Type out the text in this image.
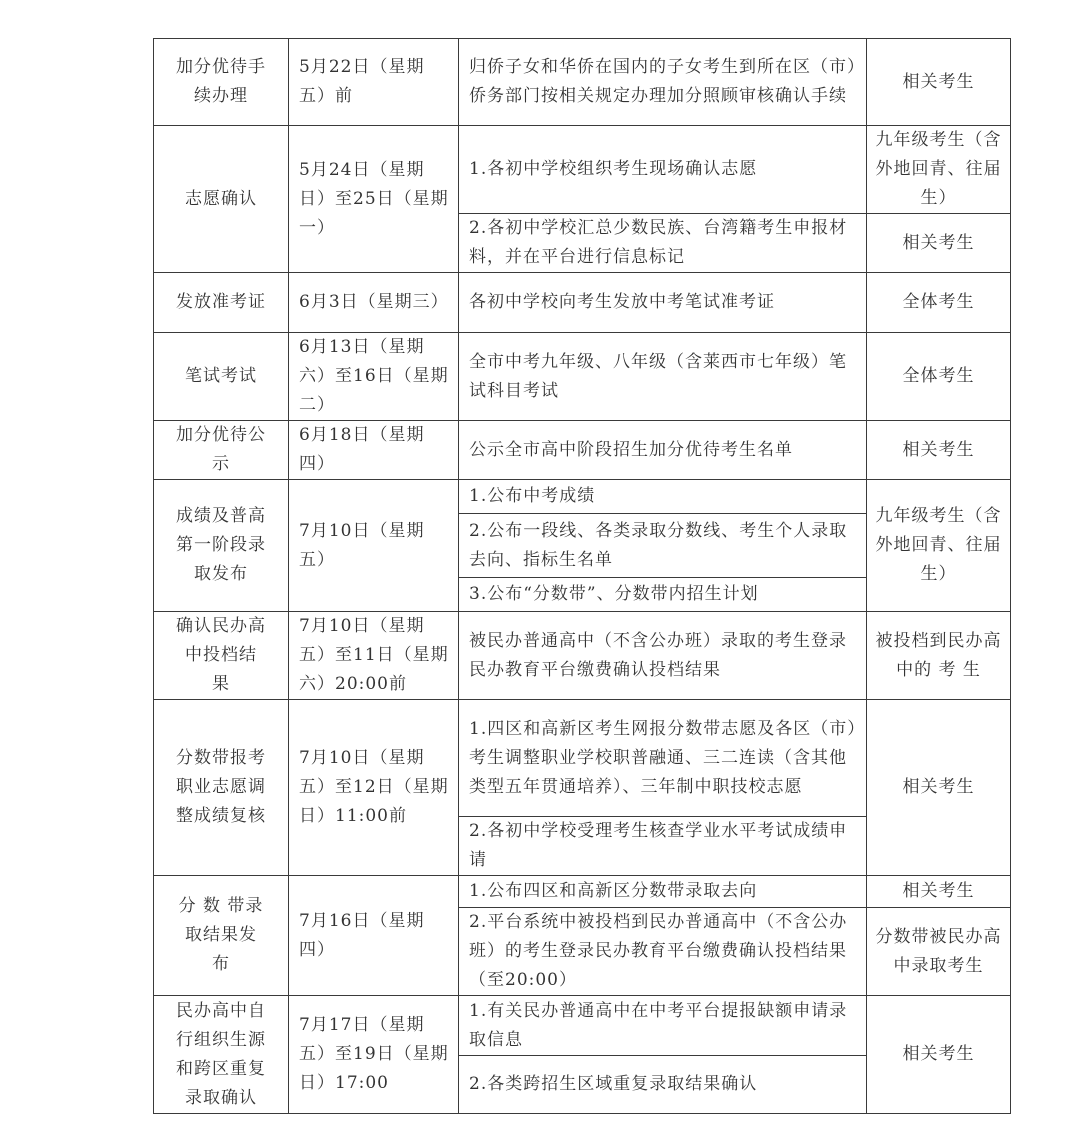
加分优待手续办理	5月22日（星期五）前	归侨子女和华侨在国内的子女考生到所在区（市）侨务部门按相关规定办理加分照顾审核确认手续	相关考生
志愿确认	5月24日（星期日）至25日（星期一）	1.各初中学校组织考生现场确认志愿	九年级考生（含外地回青、往届生）
		2.各初中学校汇总少数民族、台湾籍考生申报材料，并在平台进行信息标记	相关考生
发放准考证	6月3日（星期三）	各初中学校向考生发放中考笔试准考证	全体考生
笔试考试	6月13日（星期六）至16日（星期二）	全市中考九年级、八年级（含莱西市七年级）笔试科目考试	全体考生
加分优待公　示	6月18日（星期四）	公示全市高中阶段招生加分优待考生名单	相关考生
成绩及普高第一阶段录取发布	7月10日（星期五）	1.公布中考成绩	九年级考生（含外地回青、往届生）
		2.公布一段线、各类录取分数线、考生个人录取去向、指标生名单	
		3.公布“分数带”、分数带内招生计划	
确认民办高中投档结　果	7月10日（星期五）至11日（星期六）20:00前	被民办普通高中（不含公办班）录取的考生登录民办教育平台缴费确认投档结果	被投档到民办高中的 考 生
分数带报考职业志愿调整成绩复核	7月10日（星期五）至12日（星期日）11:00前	1.四区和高新区考生网报分数带志愿及各区（市）考生调整职业学校职普融通、三二连读（含其他类型五年贯通培养）、三年制中职技校志愿	相关考生
		2.各初中学校受理考生核查学业水平考试成绩申请	
分 数 带录取结果发　布	7月16日（星期四）	1.公布四区和高新区分数带录取去向	相关考生
		2.平台系统中被投档到民办普通高中（不含公办班）的考生登录民办教育平台缴费确认投档结果（至20:00）	分数带被民办高中录取考生
民办高中自行组织生源和跨区重复录取确认	7月17日（星期五）至19日（星期日）17:00	1.有关民办普通高中在中考平台提报缺额申请录取信息	相关考生
		2.各类跨招生区域重复录取结果确认	
